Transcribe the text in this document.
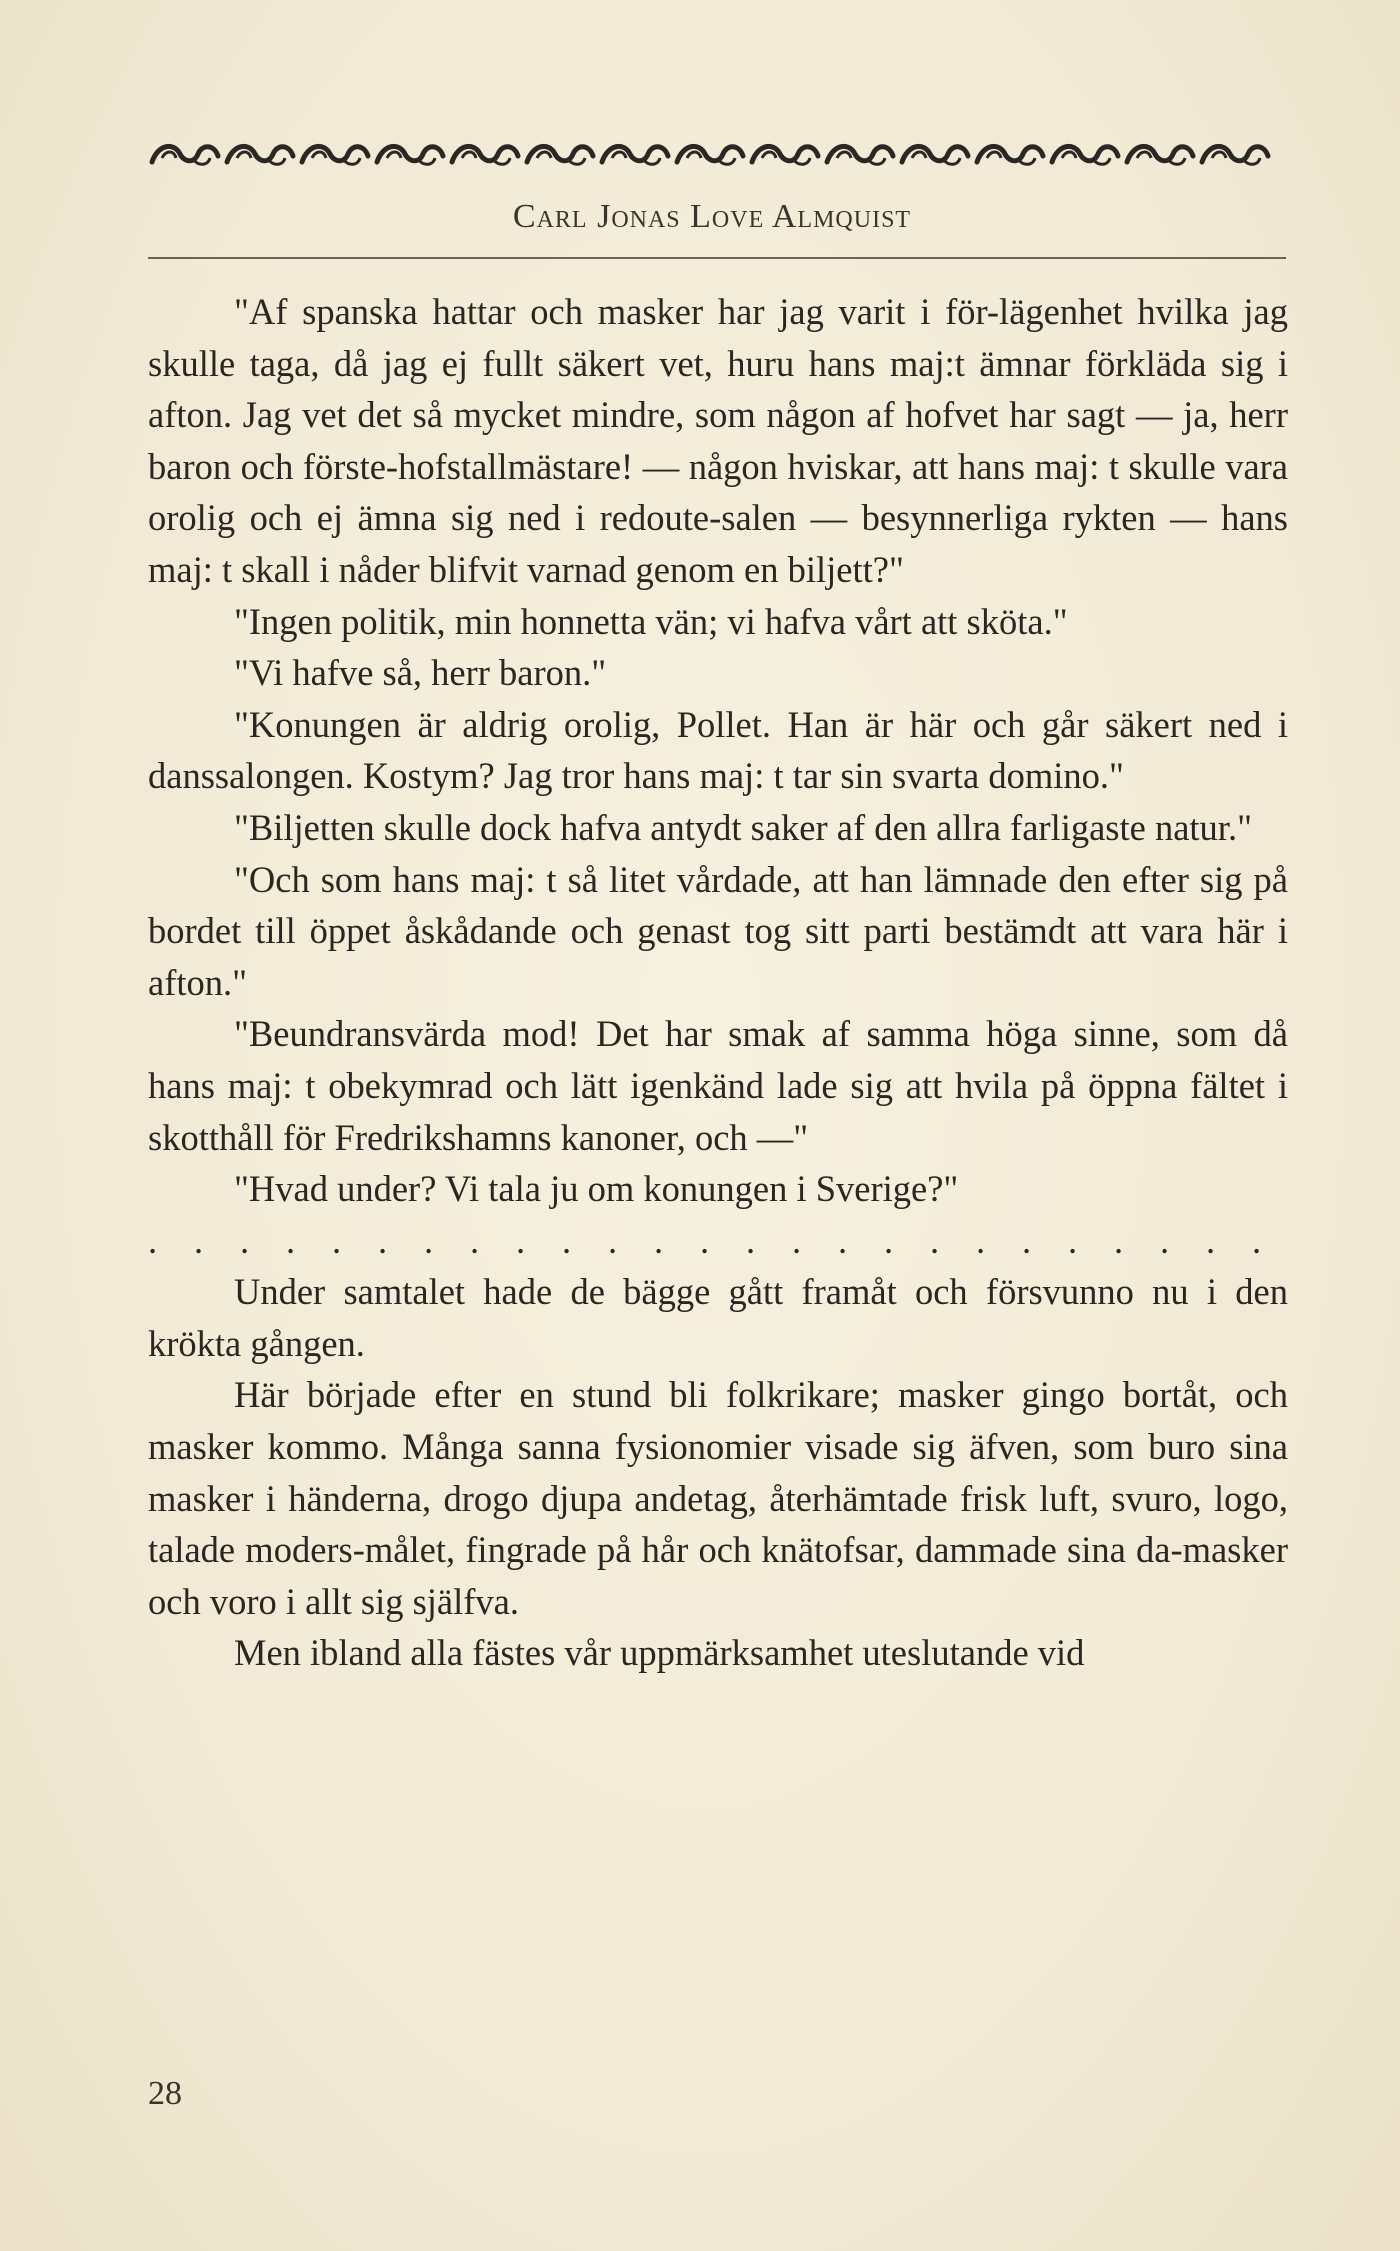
Carl Jonas Love Almquist

"Af spanska hattar och masker har jag varit i för-lägenhet hvilka jag skulle taga, då jag ej fullt säkert vet, huru hans maj:t ämnar förkläda sig i afton. Jag vet det så mycket mindre, som någon af hofvet har sagt — ja, herr baron och förste-hofstallmästare! — någon hviskar, att hans maj: t skulle vara orolig och ej ämna sig ned i redoute-salen — besynnerliga rykten — hans maj: t skall i nåder blifvit varnad genom en biljett?"

"Ingen politik, min honnetta vän; vi hafva vårt att sköta."

"Vi hafve så, herr baron."

"Konungen är aldrig orolig, Pollet. Han är här och går säkert ned i danssalongen. Kostym? Jag tror hans maj: t tar sin svarta domino."

"Biljetten skulle dock hafva antydt saker af den allra farligaste natur."

"Och som hans maj: t så litet vårdade, att han lämnade den efter sig på bordet till öppet åskådande och genast tog sitt parti bestämdt att vara här i afton."

"Beundransvärda mod! Det har smak af samma höga sinne, som då hans maj: t obekymrad och lätt igenkänd lade sig att hvila på öppna fältet i skotthåll för Fredrikshamns kanoner, och —"

"Hvad under? Vi tala ju om konungen i Sverige?"

. . . . . . . . . . . . . . . . . . . . . . . . .

Under samtalet hade de bägge gått framåt och försvunno nu i den krökta gången.

Här började efter en stund bli folkrikare; masker gingo bortåt, och masker kommo. Många sanna fysionomier visade sig äfven, som buro sina masker i händerna, drogo djupa andetag, återhämtade frisk luft, svuro, logo, talade moders-målet, fingrade på hår och knätofsar, dammade sina da-masker och voro i allt sig själfva.

Men ibland alla fästes vår uppmärksamhet uteslutande vid

28
